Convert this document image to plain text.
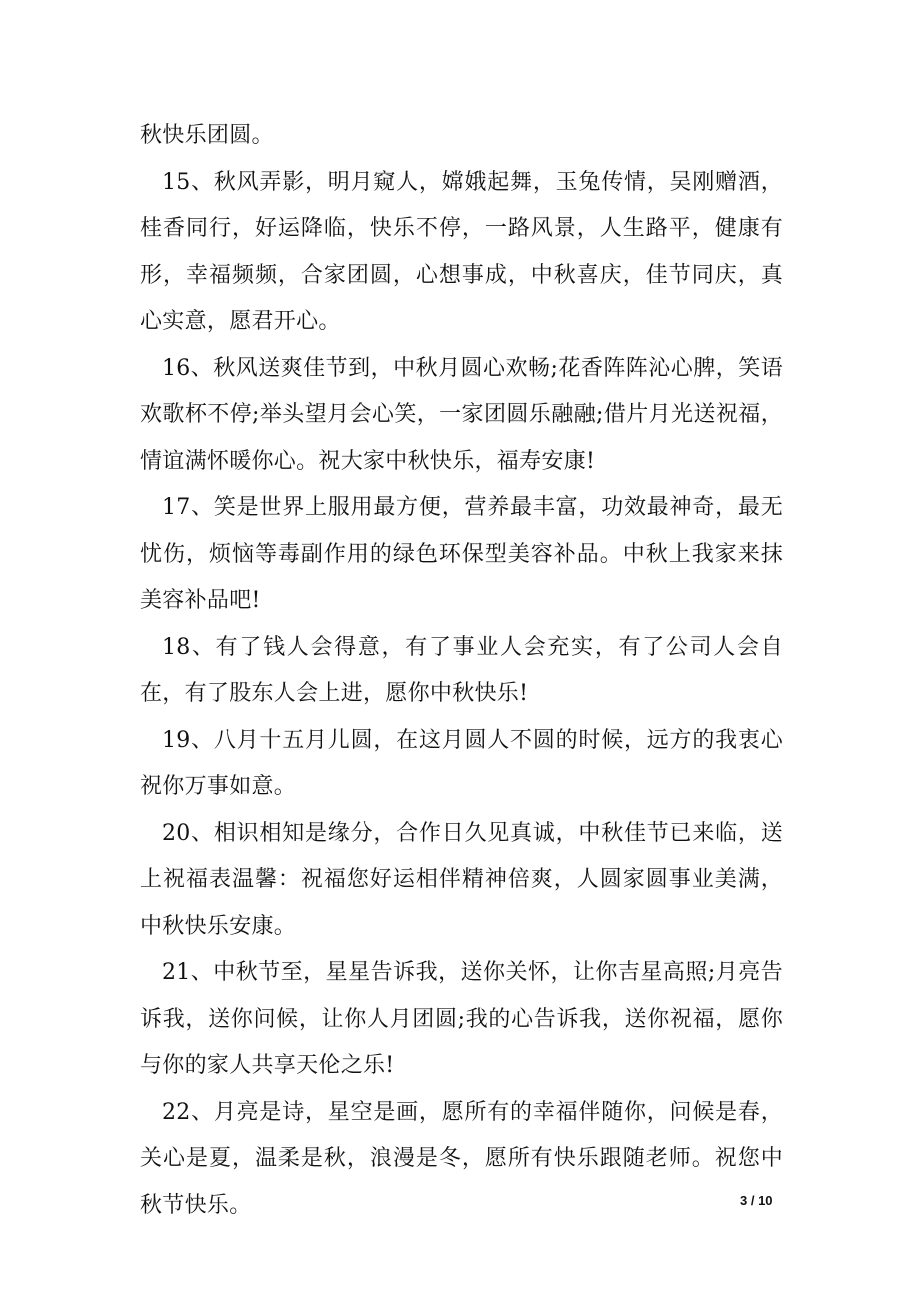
秋快乐团圆。

15、秋风弄影，明月窥人，嫦娥起舞，玉兔传情，吴刚赠酒，桂香同行，好运降临，快乐不停，一路风景，人生路平，健康有形，幸福频频，合家团圆，心想事成，中秋喜庆，佳节同庆，真心实意，愿君开心。

16、秋风送爽佳节到，中秋月圆心欢畅;花香阵阵沁心脾，笑语欢歌杯不停;举头望月会心笑，一家团圆乐融融;借片月光送祝福，情谊满怀暖你心。祝大家中秋快乐，福寿安康!

17、笑是世界上服用最方便，营养最丰富，功效最神奇，最无忧伤，烦恼等毒副作用的绿色环保型美容补品。中秋上我家来抹美容补品吧!

18、有了钱人会得意，有了事业人会充实，有了公司人会自在，有了股东人会上进，愿你中秋快乐!

19、八月十五月儿圆，在这月圆人不圆的时候，远方的我衷心祝你万事如意。

20、相识相知是缘分，合作日久见真诚，中秋佳节已来临，送上祝福表温馨：祝福您好运相伴精神倍爽，人圆家圆事业美满，中秋快乐安康。

21、中秋节至，星星告诉我，送你关怀，让你吉星高照;月亮告诉我，送你问候，让你人月团圆;我的心告诉我，送你祝福，愿你与你的家人共享天伦之乐!

22、月亮是诗，星空是画，愿所有的幸福伴随你，问候是春，关心是夏，温柔是秋，浪漫是冬，愿所有快乐跟随老师。祝您中秋节快乐。	3 / 10
